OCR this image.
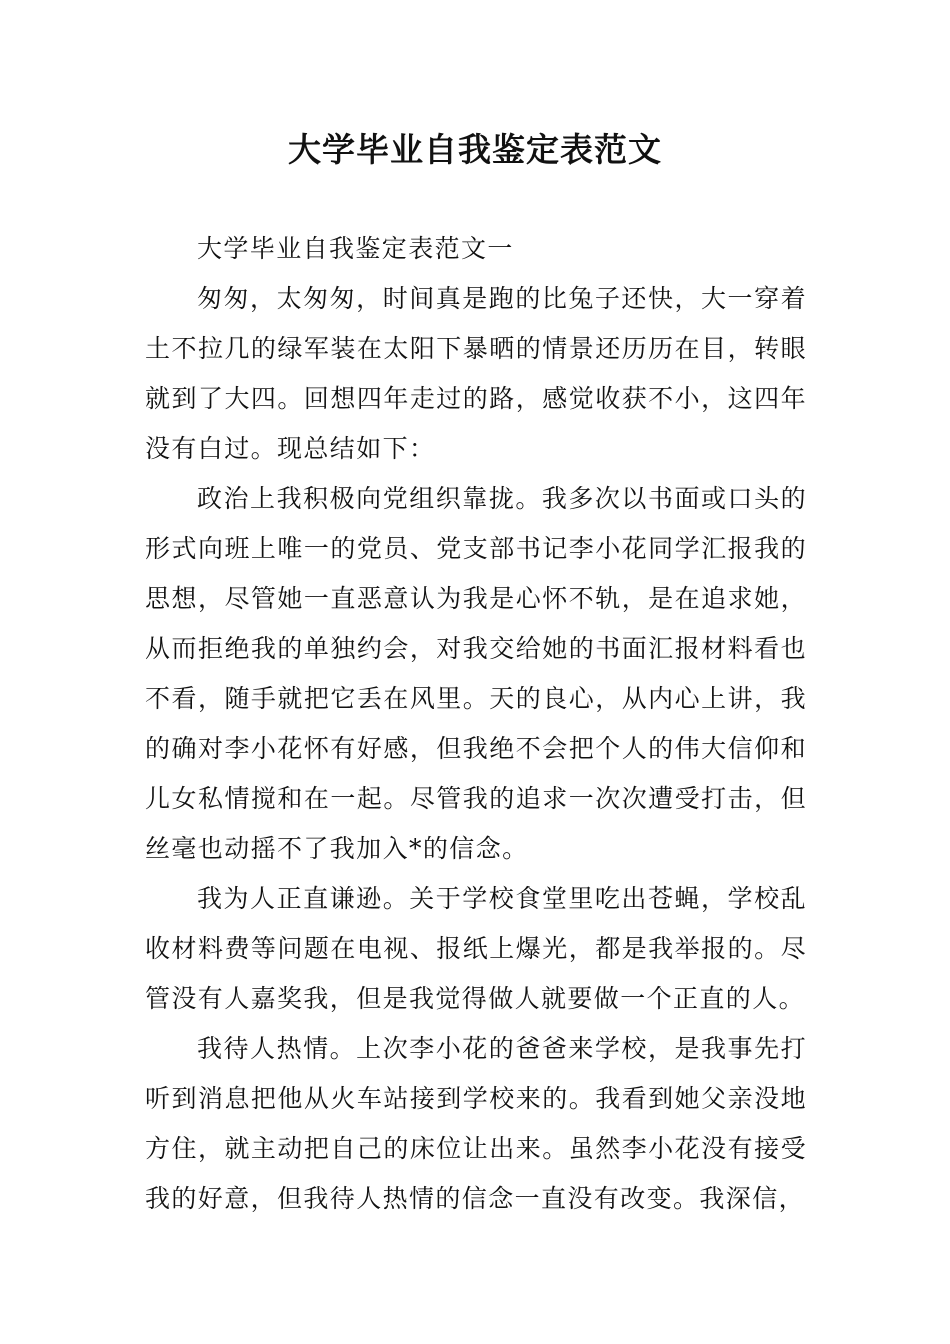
大学毕业自我鉴定表范文

大学毕业自我鉴定表范文一

匆匆，太匆匆，时间真是跑的比兔子还快，大一穿着土不拉几的绿军装在太阳下暴晒的情景还历历在目，转眼就到了大四。回想四年走过的路，感觉收获不小，这四年没有白过。现总结如下：

政治上我积极向党组织靠拢。我多次以书面或口头的形式向班上唯一的党员、党支部书记李小花同学汇报我的思想，尽管她一直恶意认为我是心怀不轨，是在追求她，从而拒绝我的单独约会，对我交给她的书面汇报材料看也不看，随手就把它丢在风里。天的良心，从内心上讲，我的确对李小花怀有好感，但我绝不会把个人的伟大信仰和儿女私情搅和在一起。尽管我的追求一次次遭受打击，但丝毫也动摇不了我加入*的信念。

我为人正直谦逊。关于学校食堂里吃出苍蝇，学校乱收材料费等问题在电视、报纸上爆光，都是我举报的。尽管没有人嘉奖我，但是我觉得做人就要做一个正直的人。

我待人热情。上次李小花的爸爸来学校，是我事先打听到消息把他从火车站接到学校来的。我看到她父亲没地方住，就主动把自己的床位让出来。虽然李小花没有接受我的好意，但我待人热情的信念一直没有改变。我深信，
